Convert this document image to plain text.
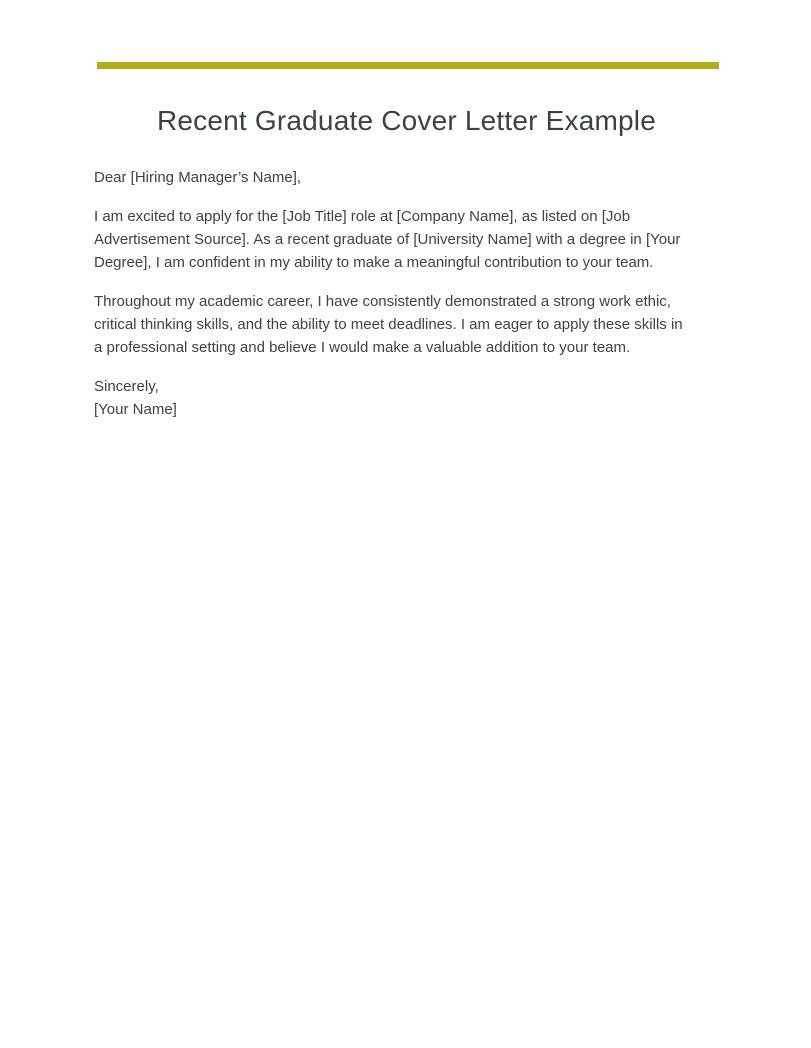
Recent Graduate Cover Letter Example

Dear [Hiring Manager’s Name],

I am excited to apply for the [Job Title] role at [Company Name], as listed on [Job Advertisement Source]. As a recent graduate of [University Name] with a degree in [Your Degree], I am confident in my ability to make a meaningful contribution to your team.

Throughout my academic career, I have consistently demonstrated a strong work ethic, critical thinking skills, and the ability to meet deadlines. I am eager to apply these skills in a professional setting and believe I would make a valuable addition to your team.

Sincerely,
[Your Name]
